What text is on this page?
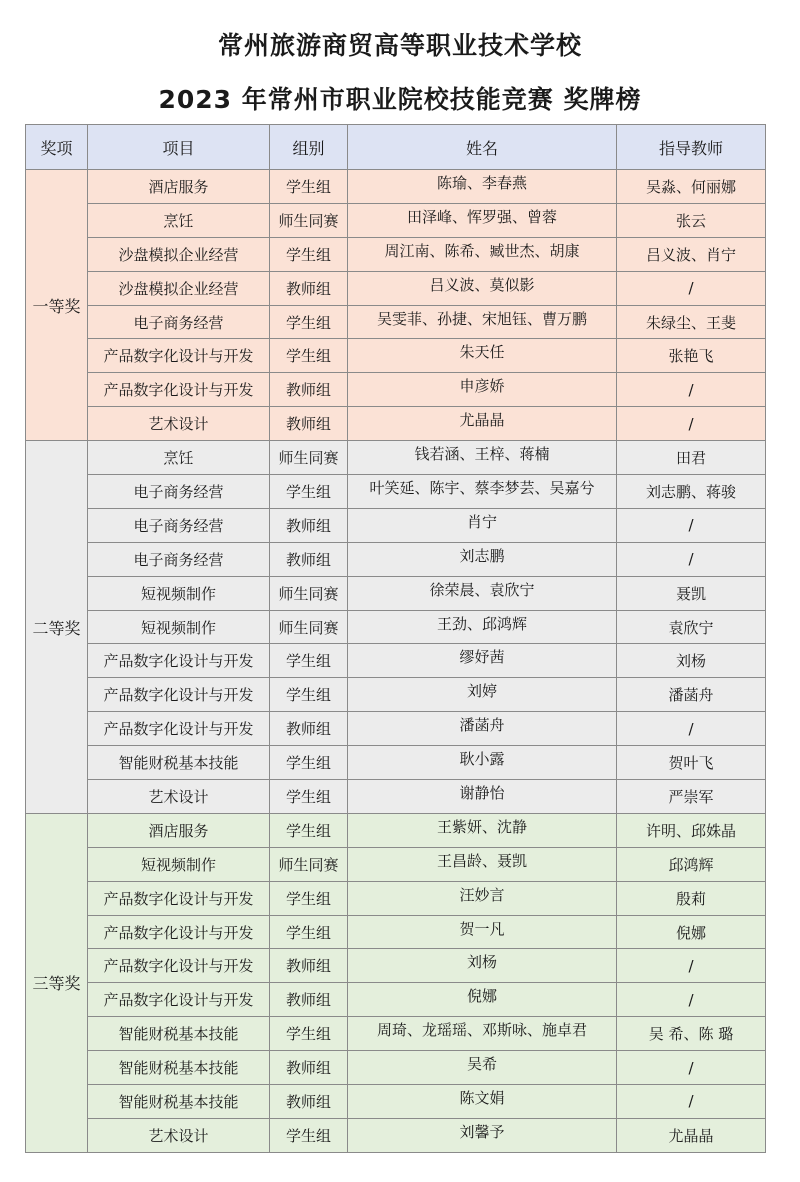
常州旅游商贸高等职业技术学校
2023 年常州市职业院校技能竞赛 奖牌榜
奖项	项目	组别	姓名	指导教师
一等奖	酒店服务	学生组	陈瑜、李春燕	吴淼、何丽娜
	烹饪	师生同赛	田泽峰、恽罗强、曾蓉	张云
	沙盘模拟企业经营	学生组	周江南、陈希、臧世杰、胡康	吕义波、肖宁
	沙盘模拟企业经营	教师组	吕义波、莫似影	/
	电子商务经营	学生组	吴雯菲、孙捷、宋旭钰、曹万鹏	朱绿尘、王斐
	产品数字化设计与开发	学生组	朱天任	张艳飞
	产品数字化设计与开发	教师组	申彦娇	/
	艺术设计	教师组	尤晶晶	/
二等奖	烹饪	师生同赛	钱若涵、王梓、蒋楠	田君
	电子商务经营	学生组	叶笑延、陈宇、蔡李梦芸、吴嘉兮	刘志鹏、蒋骏
	电子商务经营	教师组	肖宁	/
	电子商务经营	教师组	刘志鹏	/
	短视频制作	师生同赛	徐荣晨、袁欣宁	聂凯
	短视频制作	师生同赛	王劲、邱鸿辉	袁欣宁
	产品数字化设计与开发	学生组	缪妤茜	刘杨
	产品数字化设计与开发	学生组	刘婷	潘菡舟
	产品数字化设计与开发	教师组	潘菡舟	/
	智能财税基本技能	学生组	耿小露	贺叶飞
	艺术设计	学生组	谢静怡	严崇军
三等奖	酒店服务	学生组	王紫妍、沈静	许明、邱姝晶
	短视频制作	师生同赛	王昌龄、聂凯	邱鸿辉
	产品数字化设计与开发	学生组	汪妙言	殷莉
	产品数字化设计与开发	学生组	贺一凡	倪娜
	产品数字化设计与开发	教师组	刘杨	/
	产品数字化设计与开发	教师组	倪娜	/
	智能财税基本技能	学生组	周琦、龙瑶瑶、邓斯咏、施卓君	吴 希、陈 璐
	智能财税基本技能	教师组	吴希	/
	智能财税基本技能	教师组	陈文娟	/
	艺术设计	学生组	刘馨予	尤晶晶
